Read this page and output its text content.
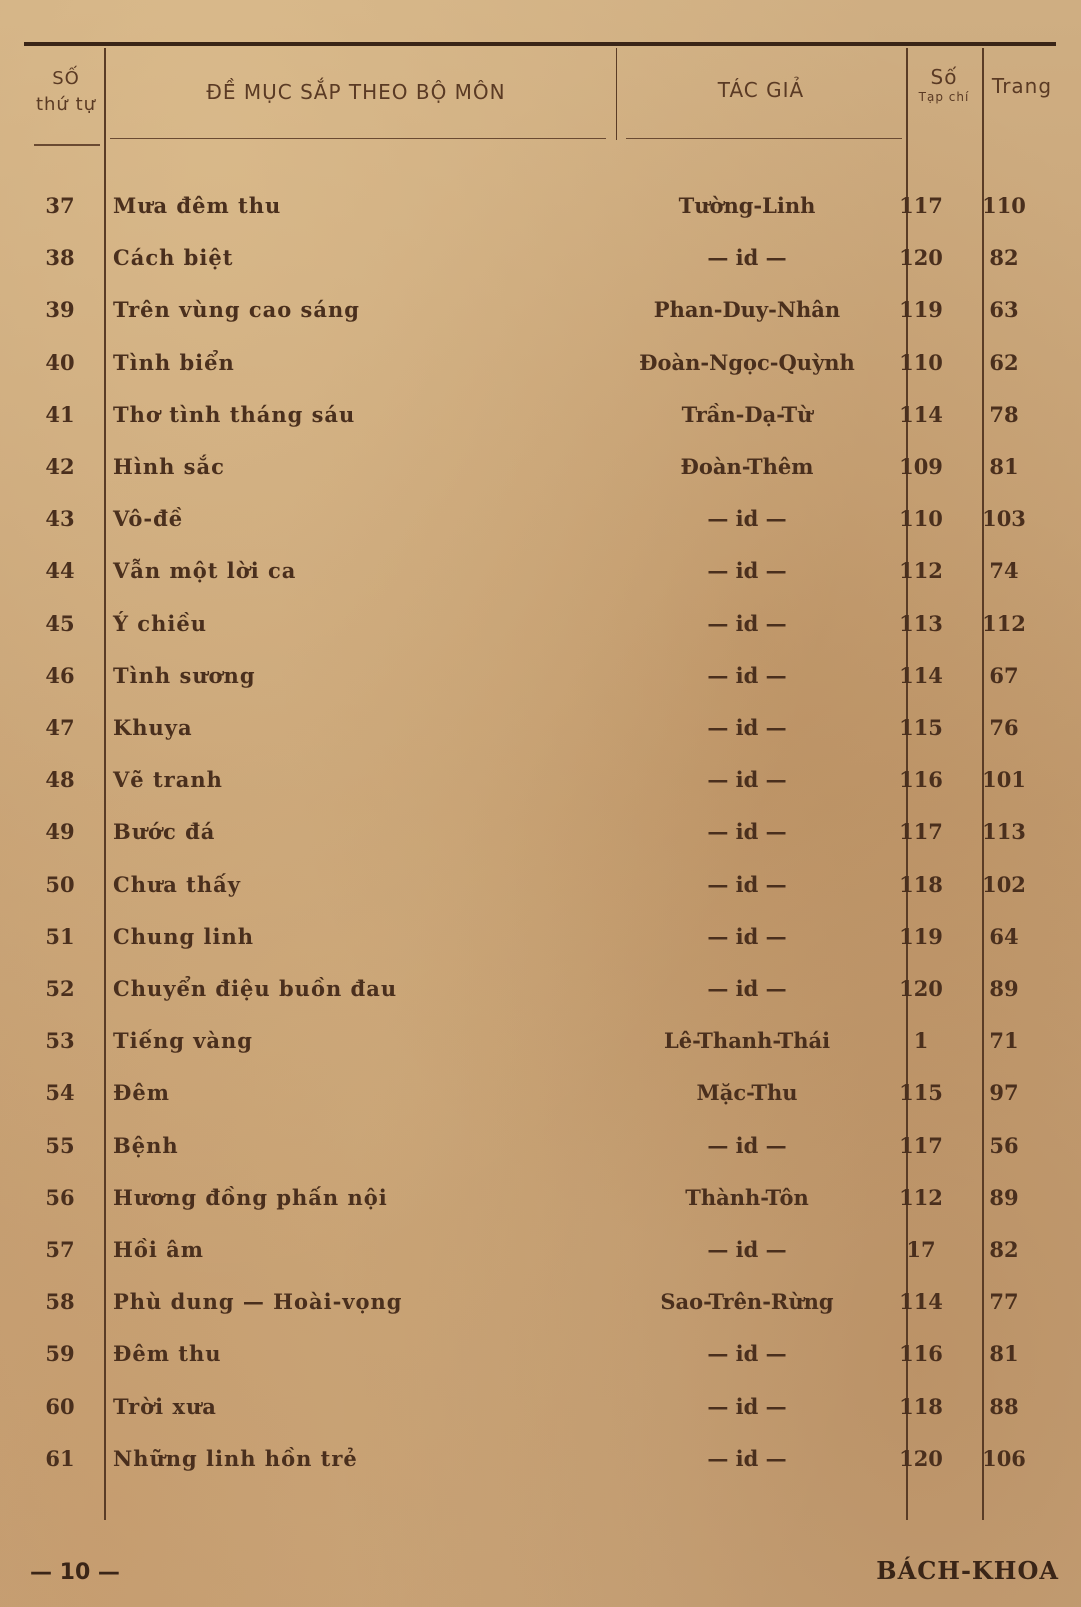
SỐ
thứ tự
ĐỀ MỤC SẮP THEO BỘ MÔN	TÁC GIẢ
Số
Tạp chí	Trang
37	Mưa đêm thu	Tường-Linh	117	110
38	Cách biệt	— id —	120	82
39	Trên vùng cao sáng	Phan-Duy-Nhân	119	63
40	Tình biển	Đoàn-Ngọc-Quỳnh	110	62
41	Thơ tình tháng sáu	Trần-Dạ-Từ	114	78
42	Hình sắc	Đoàn-Thêm	109	81
43	Vô-đề	— id —	110	103
44	Vẫn một lời ca	— id —	112	74
45	Ý chiều	— id —	113	112
46	Tình sương	— id —	114	67
47	Khuya	— id —	115	76
48	Vẽ tranh	— id —	116	101
49	Bước đá	— id —	117	113
50	Chưa thấy	— id —	118	102
51	Chung linh	— id —	119	64
52	Chuyển điệu buồn đau	— id —	120	89
53	Tiếng vàng	Lê-Thanh-Thái	1	71
54	Đêm	Mặc-Thu	115	97
55	Bệnh	— id —	117	56
56	Hương đồng phấn nội	Thành-Tôn	112	89
57	Hồi âm	— id —	17	82
58	Phù dung — Hoài-vọng	Sao-Trên-Rừng	114	77
59	Đêm thu	— id —	116	81
60	Trời xưa	— id —	118	88
61	Những linh hồn trẻ	— id —	120	106
— 10 —	BÁCH-KHOA
